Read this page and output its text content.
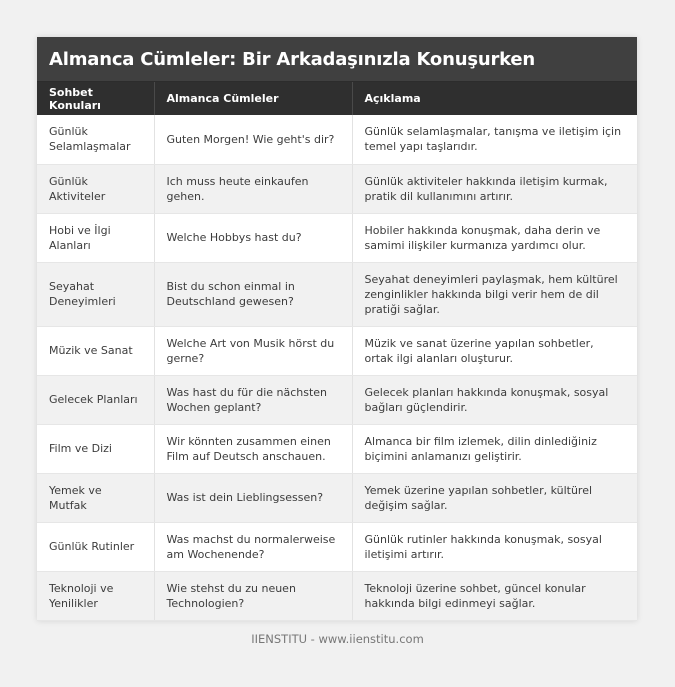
Almanca Cümleler: Bir Arkadaşınızla Konuşurken
Sohbet Konuları	Almanca Cümleler	Açıklama
Günlük Selamlaşmalar	Guten Morgen! Wie geht's dir?	Günlük selamlaşmalar, tanışma ve iletişim için temel yapı taşlarıdır.
Günlük Aktiviteler	Ich muss heute einkaufen gehen.	Günlük aktiviteler hakkında iletişim kurmak, pratik dil kullanımını artırır.
Hobi ve İlgi Alanları	Welche Hobbys hast du?	Hobiler hakkında konuşmak, daha derin ve samimi ilişkiler kurmanıza yardımcı olur.
Seyahat Deneyimleri	Bist du schon einmal in Deutschland gewesen?	Seyahat deneyimleri paylaşmak, hem kültürel zenginlikler hakkında bilgi verir hem de dil pratiği sağlar.
Müzik ve Sanat	Welche Art von Musik hörst du gerne?	Müzik ve sanat üzerine yapılan sohbetler, ortak ilgi alanları oluşturur.
Gelecek Planları	Was hast du für die nächsten Wochen geplant?	Gelecek planları hakkında konuşmak, sosyal bağları güçlendirir.
Film ve Dizi	Wir könnten zusammen einen Film auf Deutsch anschauen.	Almanca bir film izlemek, dilin dinlediğiniz biçimini anlamanızı geliştirir.
Yemek ve Mutfak	Was ist dein Lieblingsessen?	Yemek üzerine yapılan sohbetler, kültürel değişim sağlar.
Günlük Rutinler	Was machst du normalerweise am Wochenende?	Günlük rutinler hakkında konuşmak, sosyal iletişimi artırır.
Teknoloji ve Yenilikler	Wie stehst du zu neuen Technologien?	Teknoloji üzerine sohbet, güncel konular hakkında bilgi edinmeyi sağlar.
IIENSTITU - www.iienstitu.com
